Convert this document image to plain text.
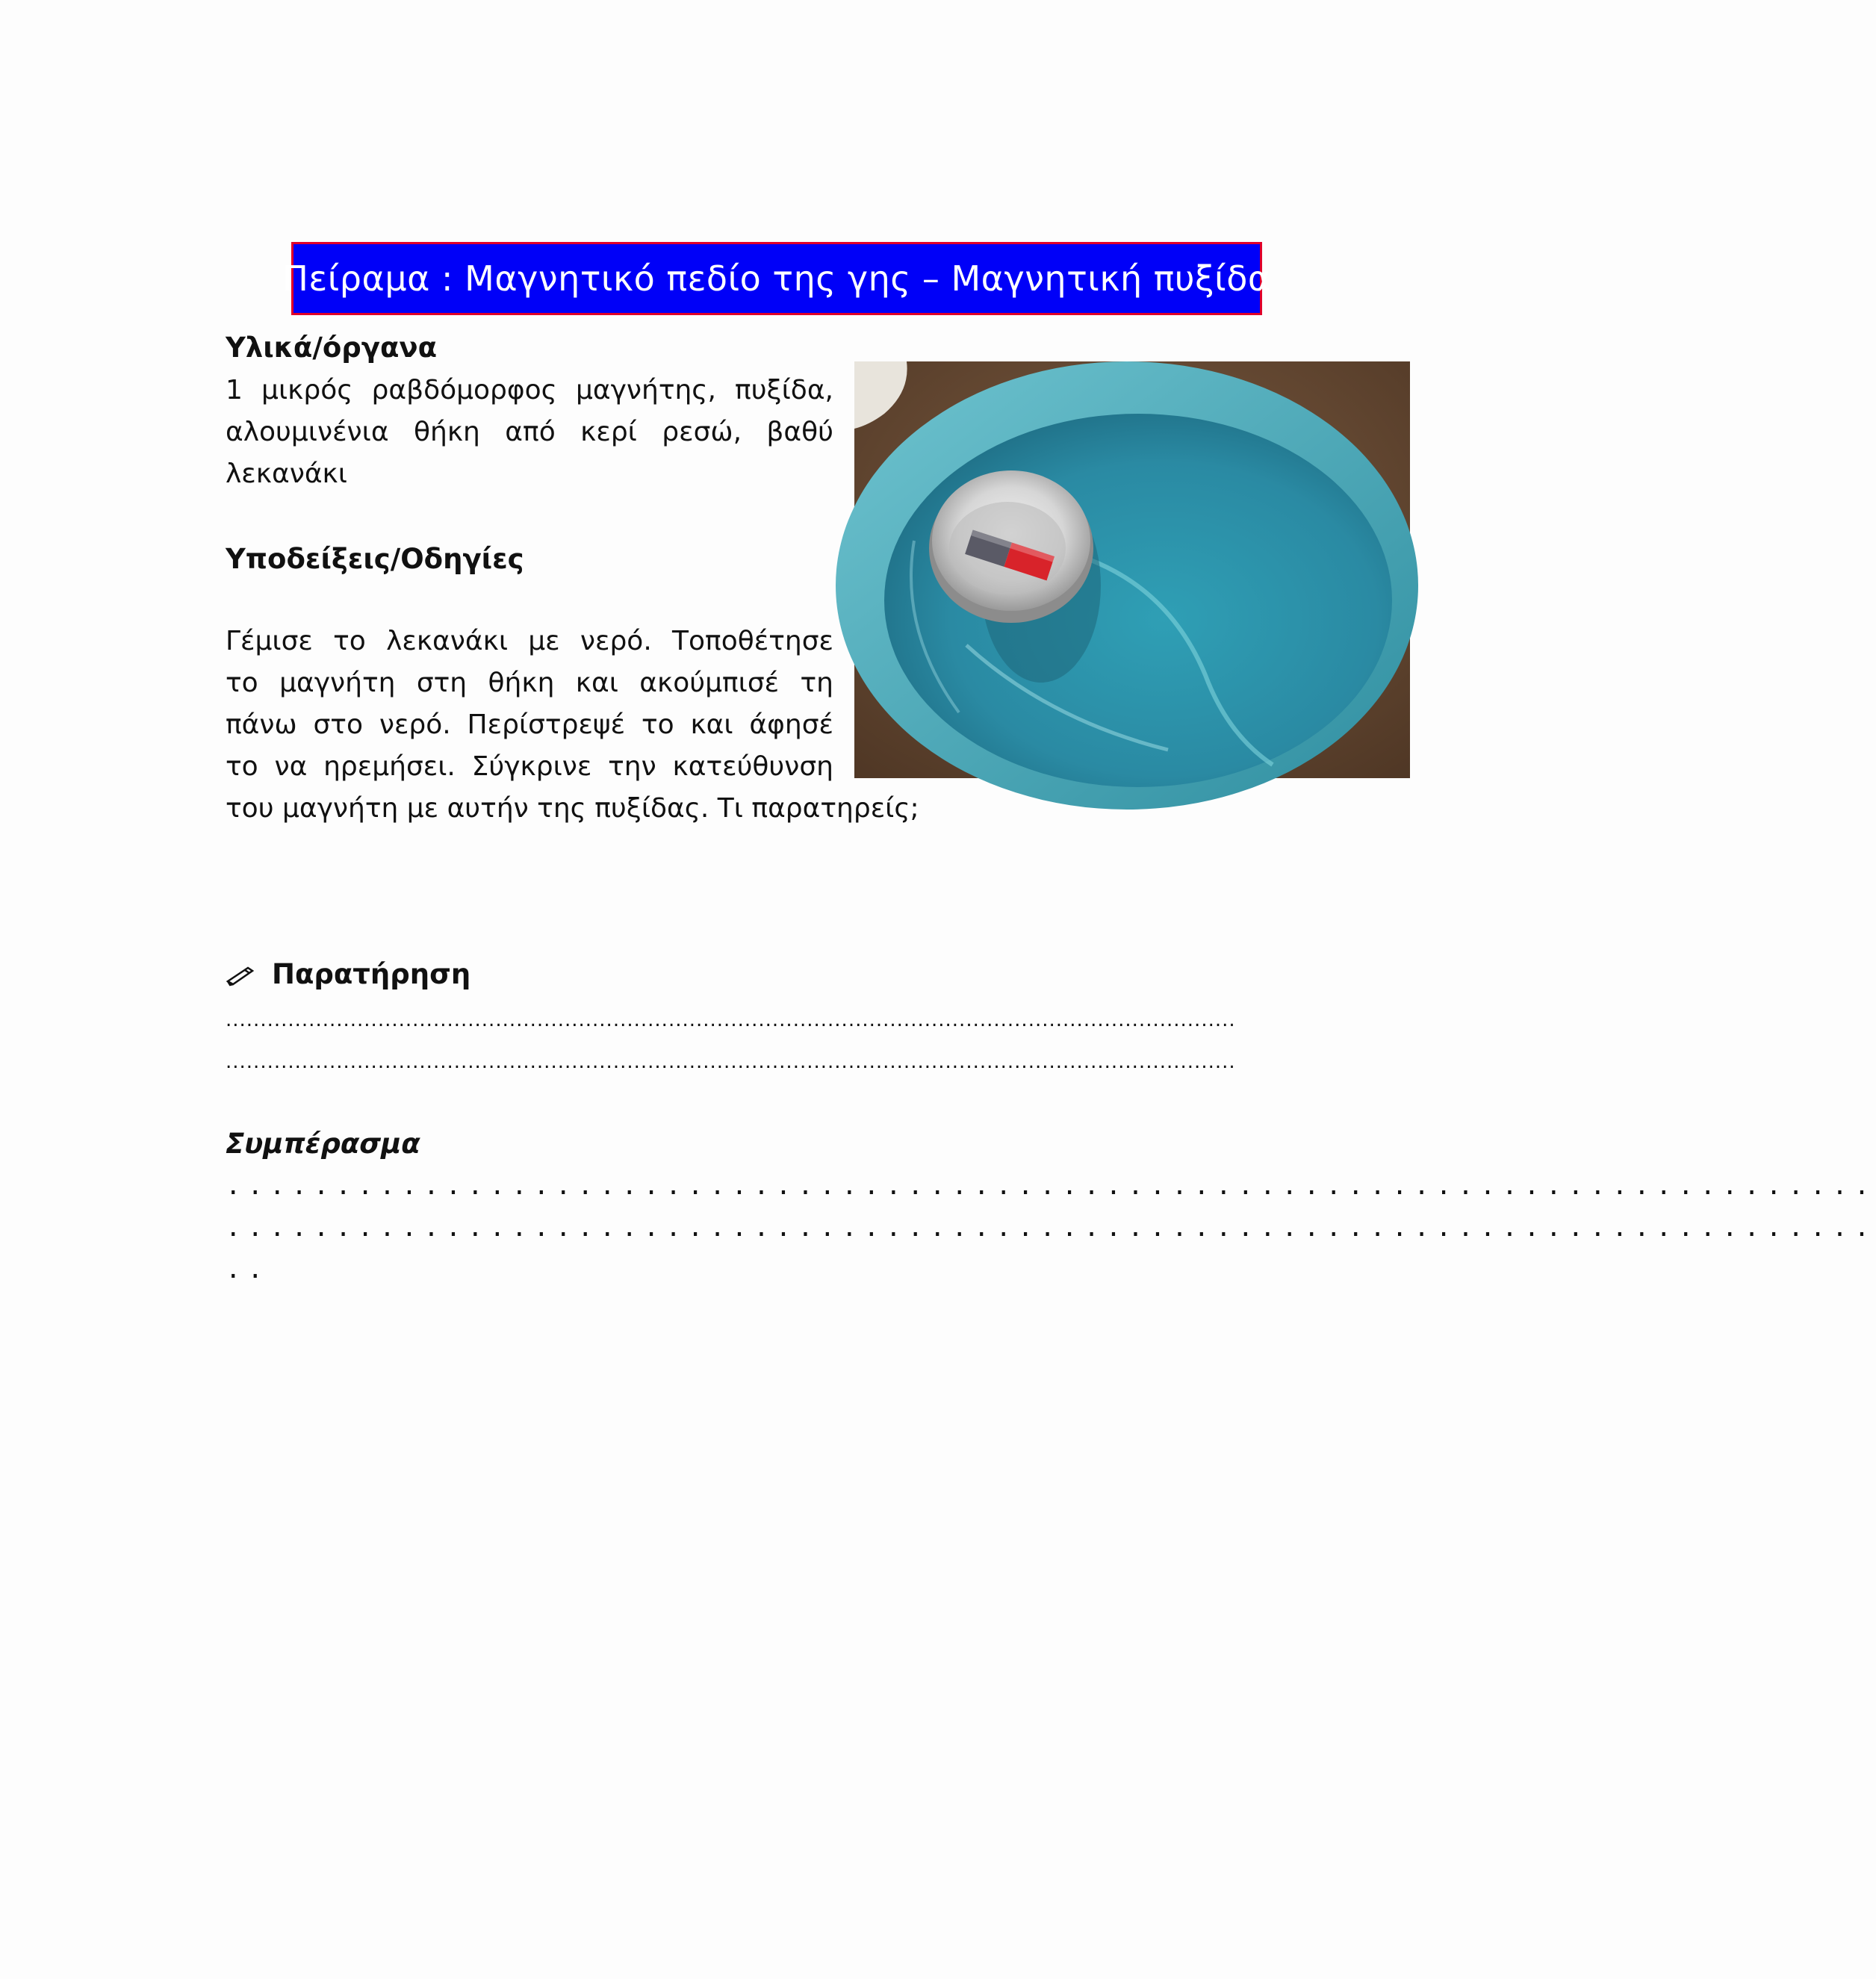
Πείραμα : Μαγνητικό πεδίο της γης – Μαγνητική πυξίδα
Υλικά/όργανα
1 μικρός ραβδόμορφος μαγνήτης, πυξίδα,
αλουμινένια θήκη από κερί ρεσώ, βαθύ
λεκανάκι
Υποδείξεις/Οδηγίες
Γέμισε το λεκανάκι με νερό. Τοποθέτησε
το μαγνήτη στη θήκη και ακούμπισέ τη
πάνω στο νερό. Περίστρεψέ το και άφησέ
το να ηρεμήσει. Σύγκρινε την κατεύθυνση
του μαγνήτη με αυτήν της πυξίδας. Τι παρατηρείς;
Παρατήρηση
..................................................................................................................................................
..................................................................................................................................................
Συμπέρασμα
...........................................................................
...........................................................................
..
